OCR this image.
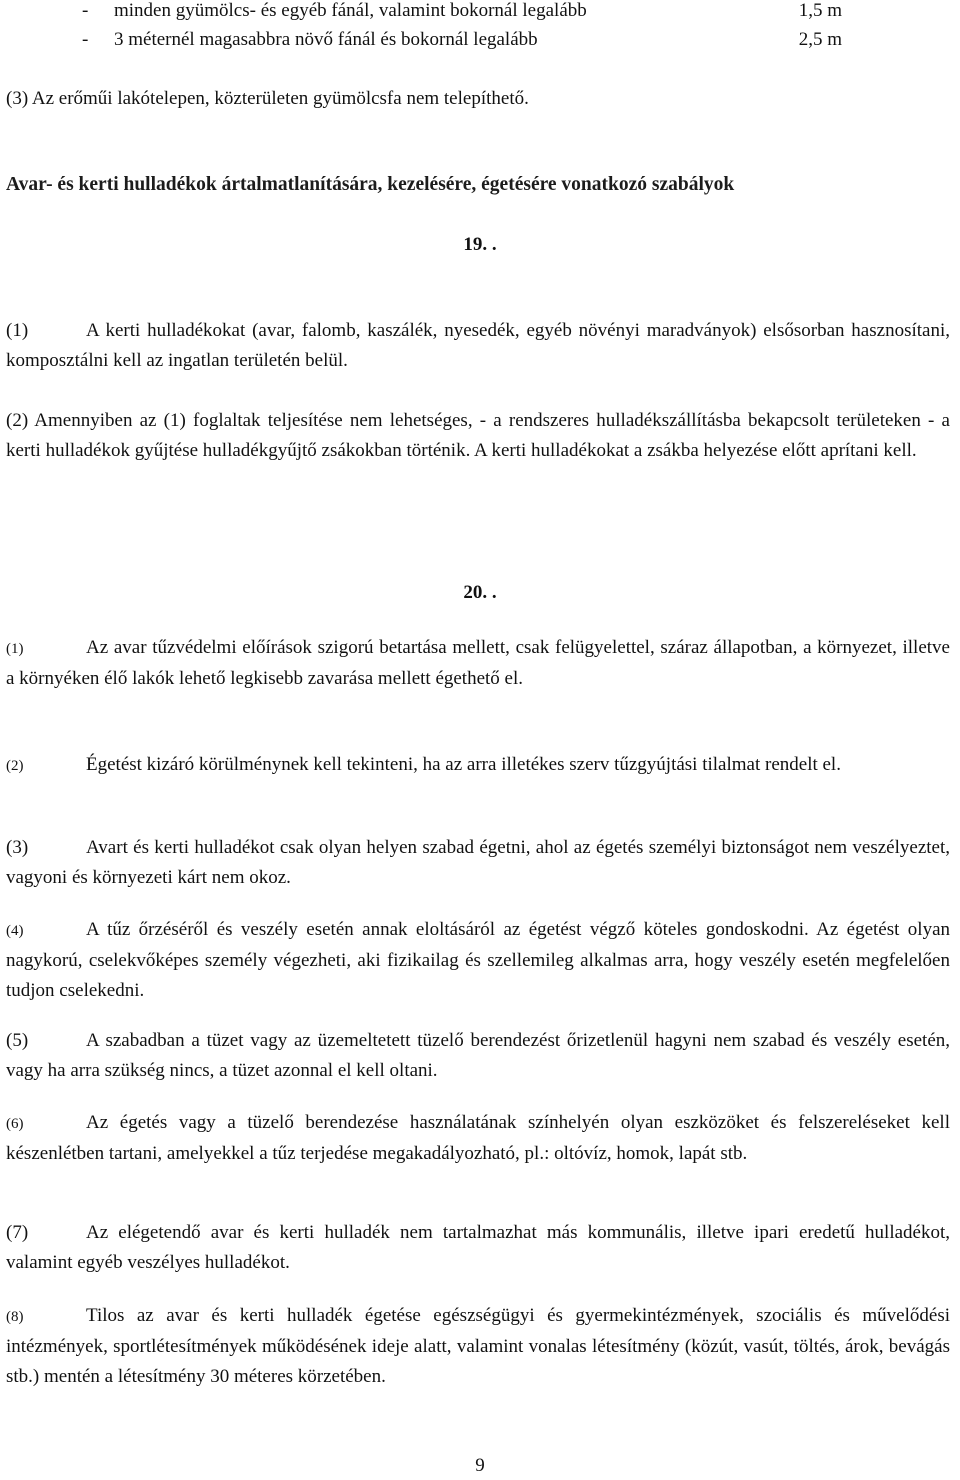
- minden gyümölcs- és egyéb fánál, valamint bokornál legalább	1,5 m
- 3 méternél magasabbra növő fánál és bokornál legalább	2,5 m
(3) Az erőműi lakótelepen, közterületen gyümölcsfa nem telepíthető.
Avar- és kerti hulladékok ártalmatlanítására, kezelésére, égetésére vonatkozó szabályok
19. .
(1)	A kerti hulladékokat (avar, falomb, kaszálék, nyesedék, egyéb növényi maradványok) elsősorban hasznosítani, komposztálni kell az ingatlan területén belül.
(2) Amennyiben az (1) foglaltak teljesítése nem lehetséges, - a rendszeres hulladékszállításba bekapcsolt területeken - a kerti hulladékok gyűjtése hulladékgyűjtő zsákokban történik. A kerti hulladékokat a zsákba helyezése előtt aprítani kell.
20. .
(1)	Az avar tűzvédelmi előírások szigorú betartása mellett, csak felügyelettel, száraz állapotban, a környezet, illetve a környéken élő lakók lehető legkisebb zavarása mellett égethető el.
(2)	Égetést kizáró körülménynek kell tekinteni, ha az arra illetékes szerv tűzgyújtási tilalmat rendelt el.
(3)	Avart és kerti hulladékot csak olyan helyen szabad égetni, ahol az égetés személyi biztonságot nem veszélyeztet, vagyoni és környezeti kárt nem okoz.
(4)	A tűz őrzéséről és veszély esetén annak eloltásáról az égetést végző köteles gondoskodni. Az égetést olyan nagykorú, cselekvőképes személy végezheti, aki fizikailag és szellemileg alkalmas arra, hogy veszély esetén megfelelően tudjon cselekedni.
(5)	A szabadban a tüzet vagy az üzemeltetett tüzelő berendezést őrizetlenül hagyni nem szabad és veszély esetén, vagy ha arra szükség nincs, a tüzet azonnal el kell oltani.
(6)	Az égetés vagy a tüzelő berendezése használatának színhelyén olyan eszközöket és felszereléseket kell készenlétben tartani, amelyekkel a tűz terjedése megakadályozható, pl.: oltóvíz, homok, lapát stb.
(7)	Az elégetendő avar és kerti hulladék nem tartalmazhat más kommunális, illetve ipari eredetű hulladékot, valamint egyéb veszélyes hulladékot.
(8)	Tilos az avar és kerti hulladék égetése egészségügyi és gyermekintézmények, szociális és művelődési intézmények, sportlétesítmények működésének ideje alatt, valamint vonalas létesítmény (közút, vasút, töltés, árok, bevágás stb.) mentén a létesítmény 30 méteres körzetében.
9
